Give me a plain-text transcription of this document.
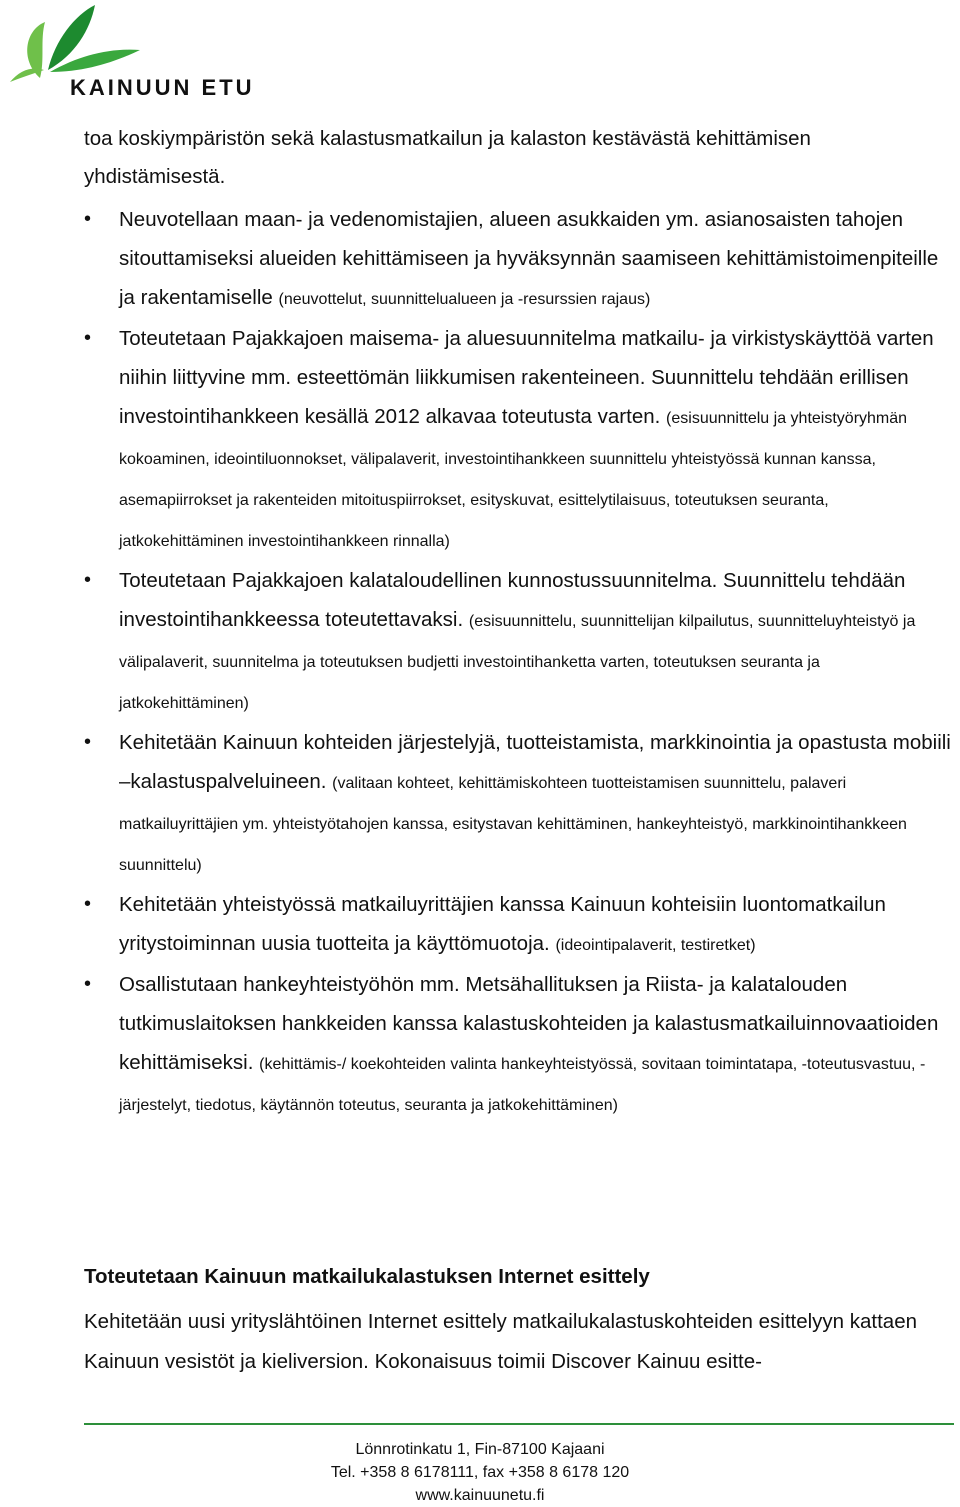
KAINUUN ETU

toa koskiympäristön sekä kalastusmatkailun ja kalaston kestävästä kehittämisen yhdistämisestä.

• Neuvotellaan maan- ja vedenomistajien, alueen asukkaiden ym. asianosaisten tahojen sitouttamiseksi alueiden kehittämiseen ja hyväksynnän saamiseen kehittämistoimenpiteille ja rakentamiselle (neuvottelut, suunnittelualueen ja -resurssien rajaus)
• Toteutetaan Pajakkajoen maisema- ja aluesuunnitelma matkailu- ja virkistyskäyttöä varten niihin liittyvine mm. esteettömän liikkumisen rakenteineen. Suunnittelu tehdään erillisen investointihankkeen kesällä 2012 alkavaa toteutusta varten. (esisuunnittelu ja yhteistyöryhmän kokoaminen, ideointiluonnokset, välipalaverit, investointihankkeen suunnittelu yhteistyössä kunnan kanssa, asemapiirrokset ja rakenteiden mitoituspiirrokset, esityskuvat, esittelytilaisuus, toteutuksen seuranta, jatkokehittäminen investointihankkeen rinnalla)
• Toteutetaan Pajakkajoen kalataloudellinen kunnostussuunnitelma. Suunnittelu tehdään investointihankkeessa toteutettavaksi. (esisuunnittelu, suunnittelijan kilpailutus, suunnitteluyhteistyö ja välipalaverit, suunnitelma ja toteutuksen budjetti investointihanketta varten, toteutuksen seuranta ja jatkokehittäminen)
• Kehitetään Kainuun kohteiden järjestelyjä, tuotteistamista, markkinointia ja opastusta mobiili –kalastuspalveluineen. (valitaan kohteet, kehittämiskohteen tuotteistamisen suunnittelu, palaveri matkailuyrittäjien ym. yhteistyötahojen kanssa, esitystavan kehittäminen, hankeyhteistyö, markkinointihankkeen suunnittelu)
• Kehitetään yhteistyössä matkailuyrittäjien kanssa Kainuun kohteisiin luontomatkailun yritystoiminnan uusia tuotteita ja käyttömuotoja. (ideointipalaverit, testiretket)
• Osallistutaan hankeyhteistyöhön mm. Metsähallituksen ja Riista- ja kalatalouden tutkimuslaitoksen hankkeiden kanssa kalastuskohteiden ja kalastusmatkailuinnovaatioiden kehittämiseksi. (kehittämis-/ koekohteiden valinta hankeyhteistyössä, sovitaan toimintatapa, -toteutusvastuu, -järjestelyt, tiedotus, käytännön toteutus, seuranta ja jatkokehittäminen)

Toteutetaan Kainuun matkailukalastuksen Internet esittely

Kehitetään uusi yrityslähtöinen Internet esittely matkailukalastuskohteiden esittelyyn kattaen Kainuun vesistöt ja kieliversion. Kokonaisuus toimii Discover Kainuu esitte-

Lönnrotinkatu 1, Fin-87100 Kajaani
Tel. +358 8 6178111, fax +358 8 6178 120
www.kainuunetu.fi
